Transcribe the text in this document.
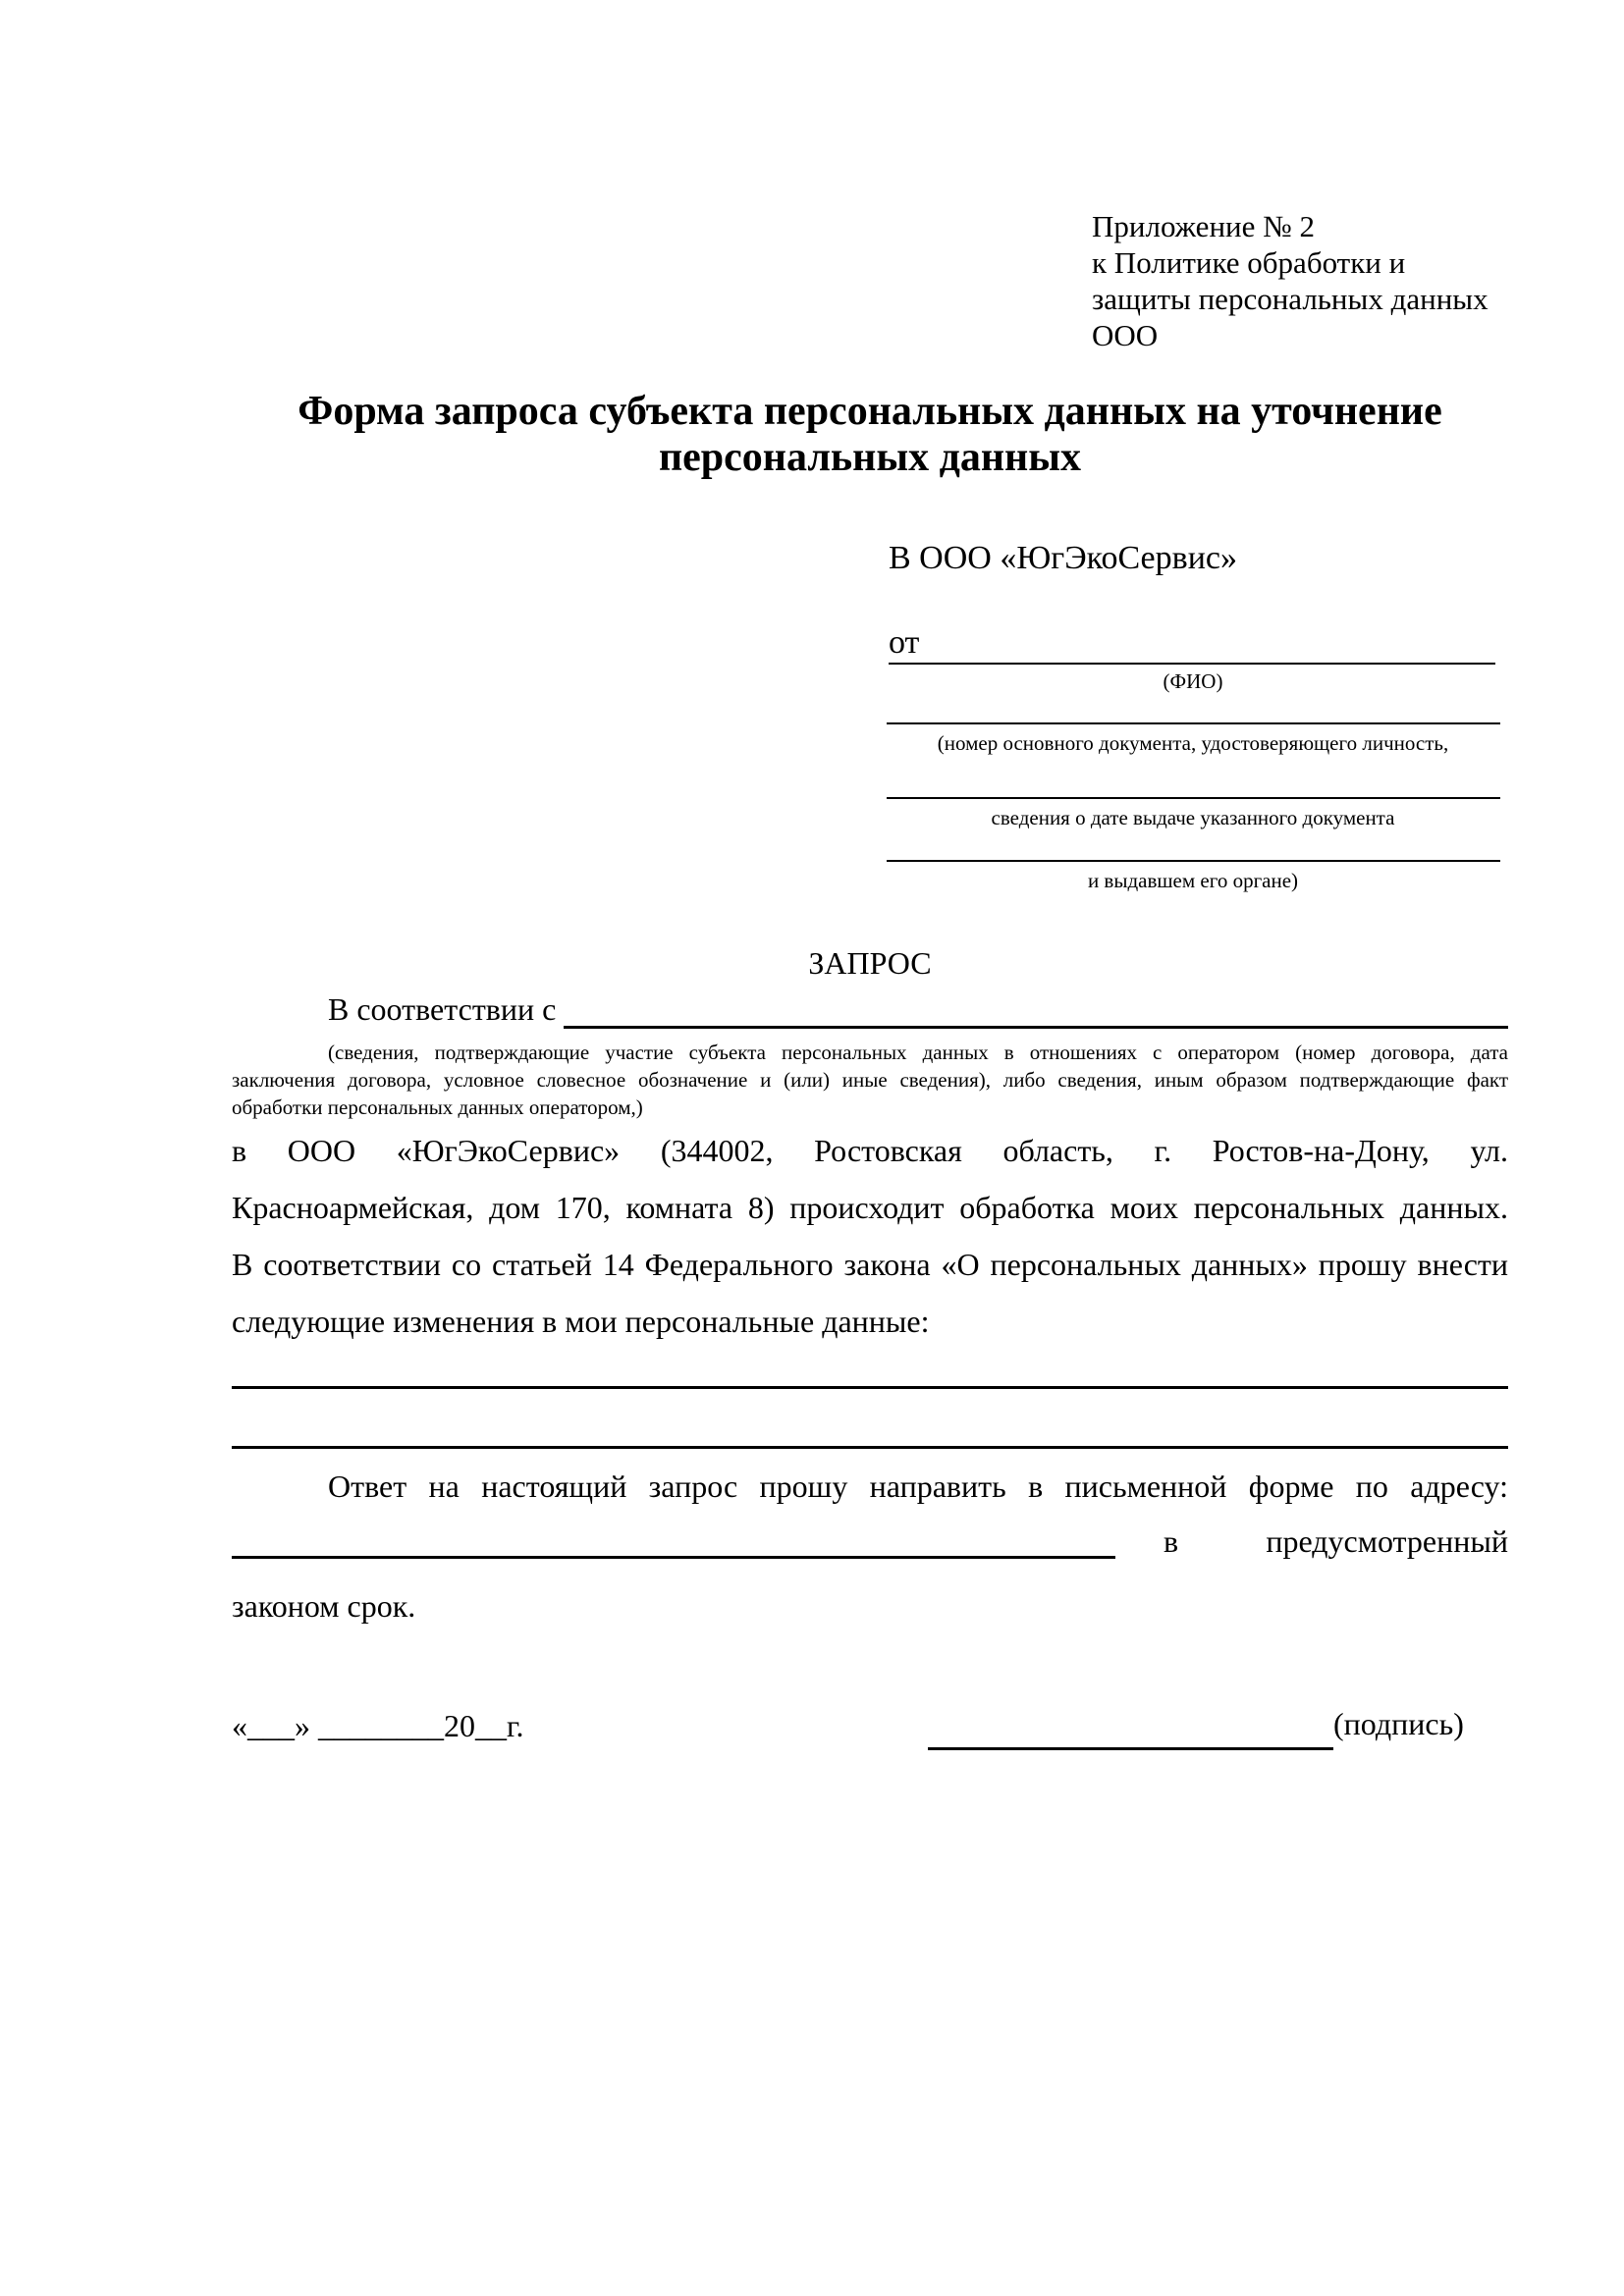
Приложение № 2
к Политике обработки и
защиты персональных данных
ООО
Форма запроса субъекта персональных данных на уточнение персональных данных
В ООО «ЮгЭкоСервис»
от
(ФИО)
(номер основного документа, удостоверяющего личность,
сведения о дате выдаче указанного документа
и выдавшем его органе)
ЗАПРОС
В соответствии с
(сведения, подтверждающие участие субъекта персональных данных в отношениях с оператором (номер договора, дата
заключения договора, условное словесное обозначение и (или) иные сведения), либо сведения, иным образом подтверждающие факт
обработки персональных данных оператором,)
в ООО «ЮгЭкоСервис» (344002, Ростовская область, г. Ростов-на-Дону, ул.
Красноармейская, дом 170, комната 8) происходит обработка моих персональных данных.
В соответствии со статьей 14 Федерального закона «О персональных данных» прошу внести
следующие изменения в мои персональные данные:
Ответ на настоящий запрос прошу направить в письменной форме по адресу:
в	предусмотренный
законом срок.
«___» ________20__г.	(подпись)
